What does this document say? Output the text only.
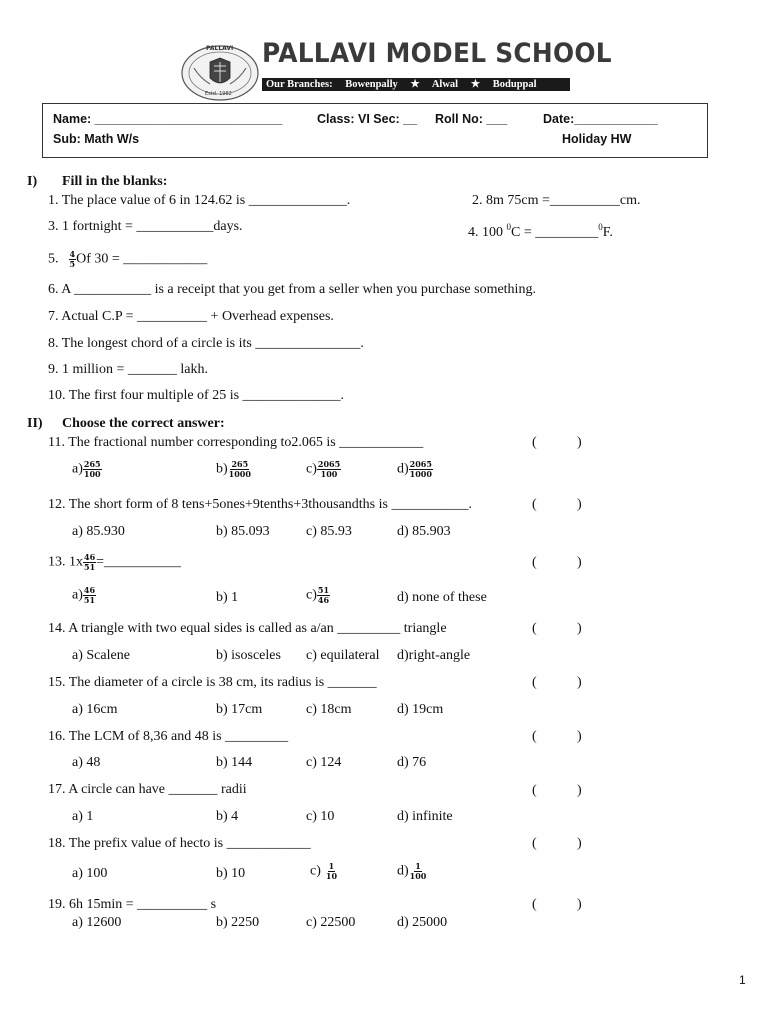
PALLAVI
Estd. 1982
PALLAVI MODEL SCHOOL
Our Branches: Bowenpally ★ Alwal ★ Boduppal
Name: ___________________________	Class: VI Sec: __ Roll No: ___	Date:____________
Sub: Math W/s	Holiday HW
I) Fill in the blanks:
1. The place value of 6 in 124.62 is ______________.	2. 8m 75cm =__________cm.
3. 1 fortnight = ___________days.	4. 100 $^0$C = _________$^0$F.
5. $\frac{4}{5}$ Of 30 = ____________
6. A ___________ is a receipt that you get from a seller when you purchase something.
7. Actual C.P = __________ + Overhead expenses.
8. The longest chord of a circle is its _______________.
9. 1 million = _______ lakh.
10. The first four multiple of 25 is ______________.
II) Choose the correct answer:
11. The fractional number corresponding to2.065 is ____________	(	)
$a) \frac{265}{100}$	$b) \frac{265}{1000}$	$c) \frac{2065}{100}$	$d) \frac{2065}{1000}$
12. The short form of 8 tens+5ones+9tenths+3thousandths is ___________.	(	)
a) 85.930	b) 85.093	c) 85.93	d) 85.903
13. $1x \frac{46}{51}$ =___________	(	)
$a) \frac{46}{51}$	b) 1	$c) \frac{51}{46}$	d) none of these
14. A triangle with two equal sides is called as a/an _________ triangle	(	)
a) Scalene	b) isosceles c) equilateral d)right-angle
15. The diameter of a circle is 38 cm, its radius is _______	(	)
a) 16cm	b) 17cm	c) 18cm	d) 19cm
16. The LCM of 8,36 and 48 is _________	(	)
a) 48	b) 144	c) 124	d) 76
17. A circle can have _______ radii	(	)
a) 1	b) 4	c) 10	d) infinite
18. The prefix value of hecto is ____________	(	)
a) 100	b) 10	$c) \frac{1}{10}$	$d) \frac{1}{100}$
19. 6h 15min = __________ s	(	)
a) 12600	b) 2250	c) 22500	d) 25000
1
